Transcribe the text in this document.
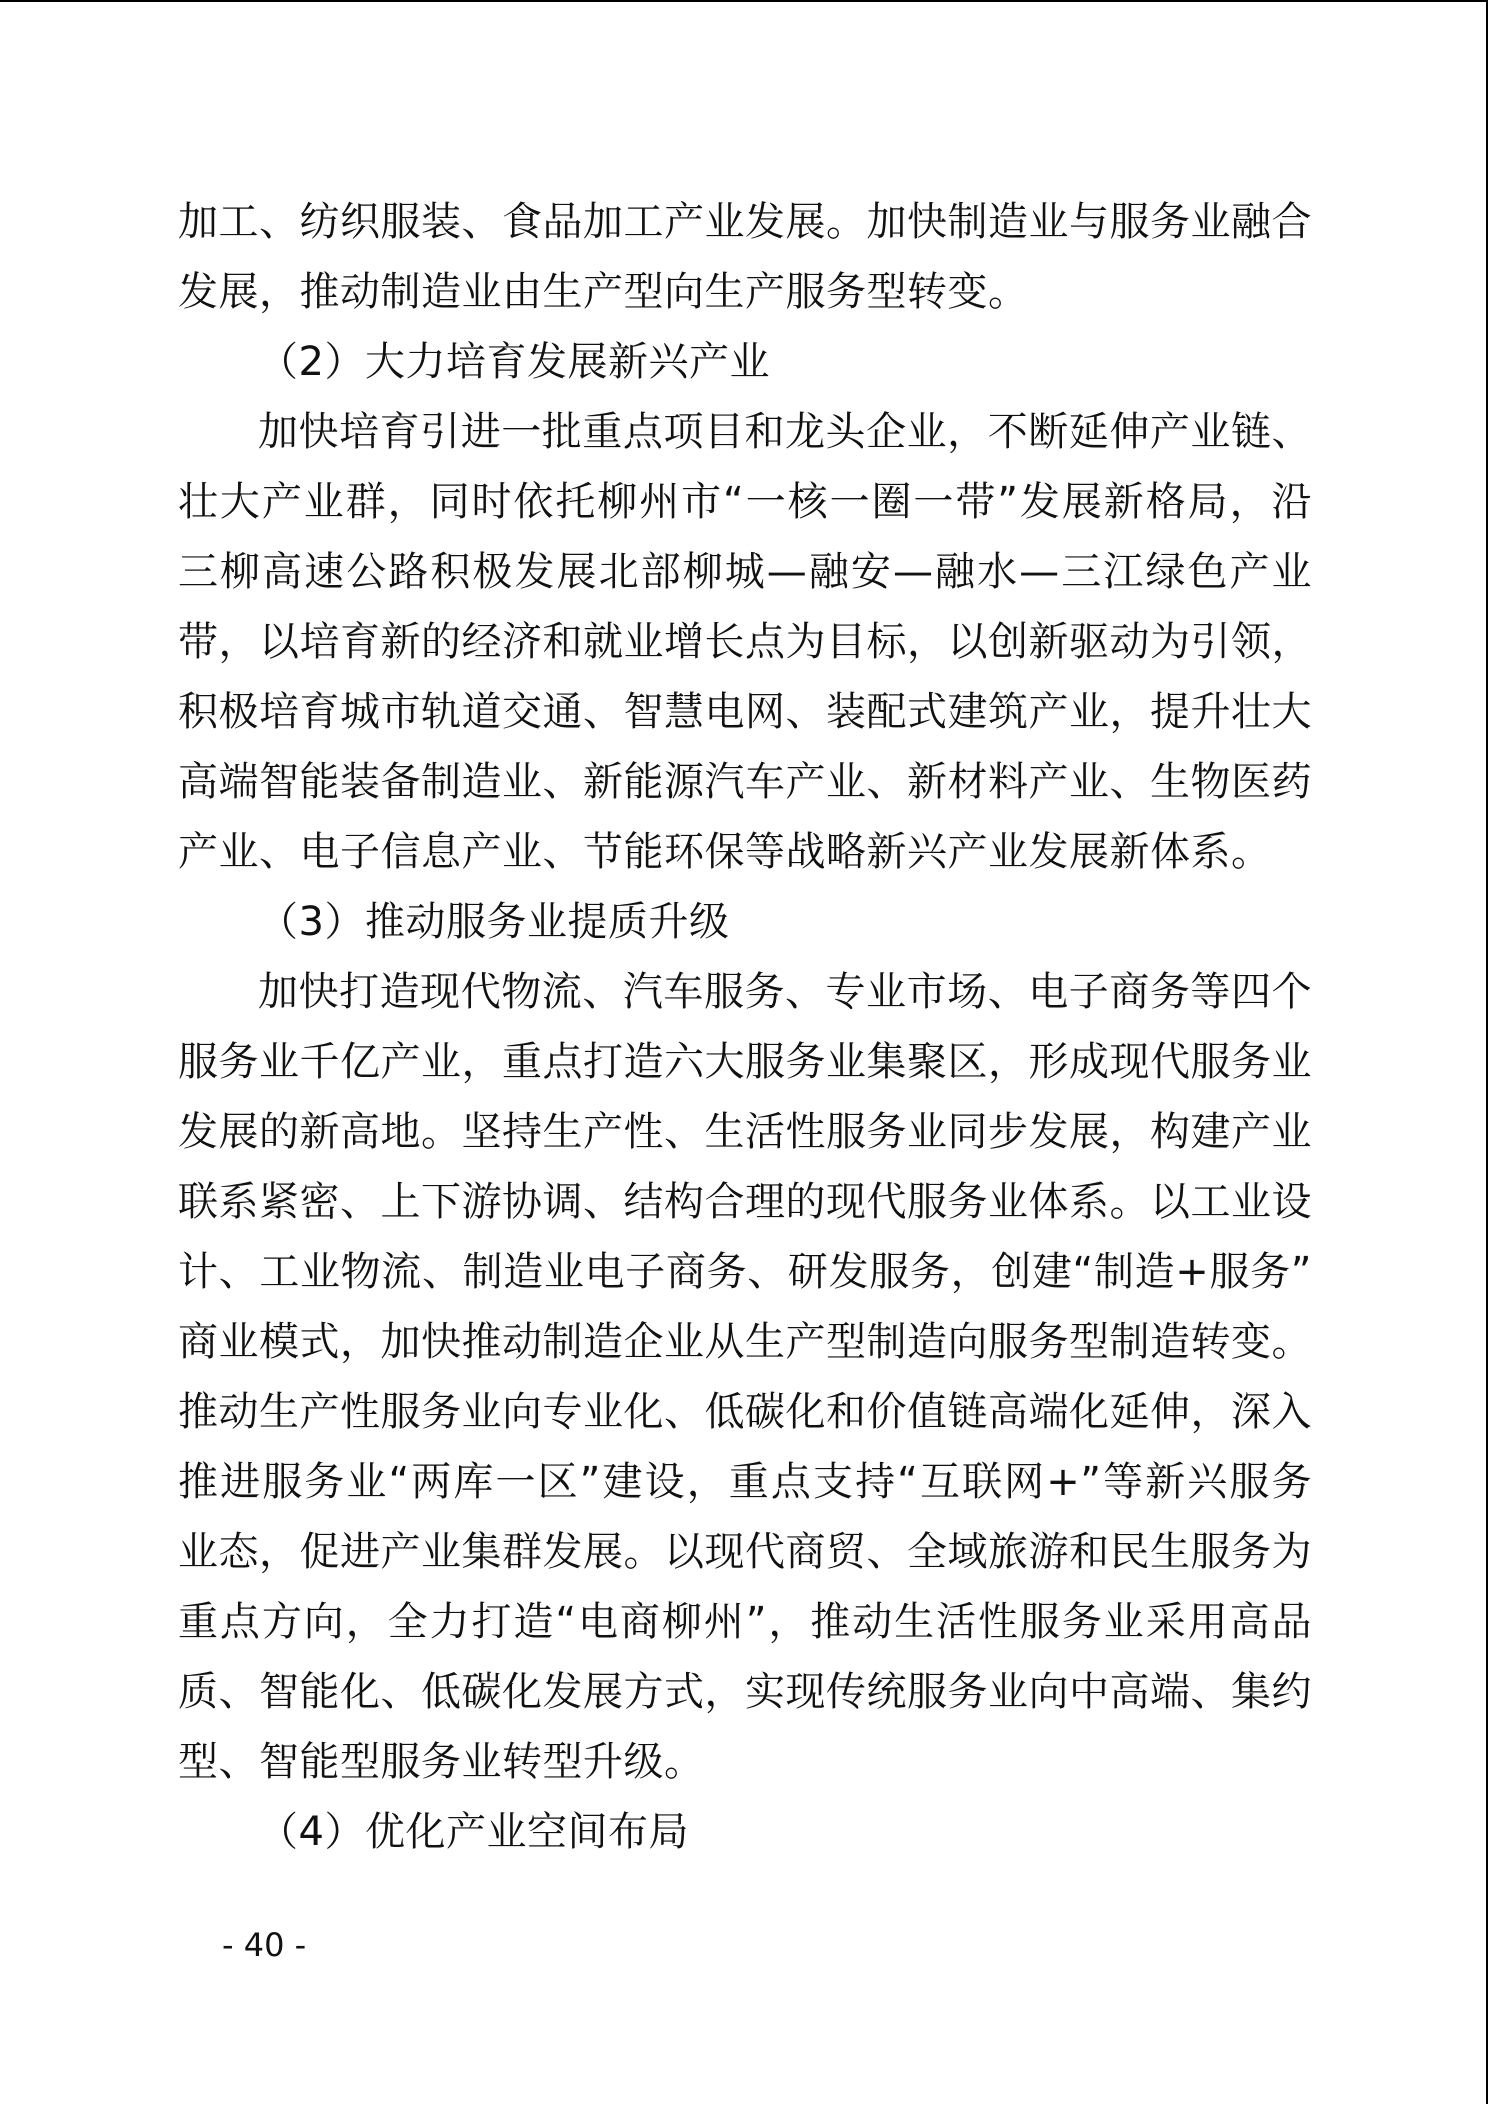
加工、纺织服装、食品加工产业发展。加快制造业与服务业融合
发展，推动制造业由生产型向生产服务型转变。
（2）大力培育发展新兴产业
加快培育引进一批重点项目和龙头企业，不断延伸产业链、
壮大产业群，同时依托柳州市“一核一圈一带”发展新格局，沿
三柳高速公路积极发展北部柳城—融安—融水—三江绿色产业
带，以培育新的经济和就业增长点为目标，以创新驱动为引领，
积极培育城市轨道交通、智慧电网、装配式建筑产业，提升壮大
高端智能装备制造业、新能源汽车产业、新材料产业、生物医药
产业、电子信息产业、节能环保等战略新兴产业发展新体系。
（3）推动服务业提质升级
加快打造现代物流、汽车服务、专业市场、电子商务等四个
服务业千亿产业，重点打造六大服务业集聚区，形成现代服务业
发展的新高地。坚持生产性、生活性服务业同步发展，构建产业
联系紧密、上下游协调、结构合理的现代服务业体系。以工业设
计、工业物流、制造业电子商务、研发服务，创建“制造+服务”
商业模式，加快推动制造企业从生产型制造向服务型制造转变。
推动生产性服务业向专业化、低碳化和价值链高端化延伸，深入
推进服务业“两库一区”建设，重点支持“互联网+”等新兴服务
业态，促进产业集群发展。以现代商贸、全域旅游和民生服务为
重点方向，全力打造“电商柳州”，推动生活性服务业采用高品
质、智能化、低碳化发展方式，实现传统服务业向中高端、集约
型、智能型服务业转型升级。
（4）优化产业空间布局
- 40 -
